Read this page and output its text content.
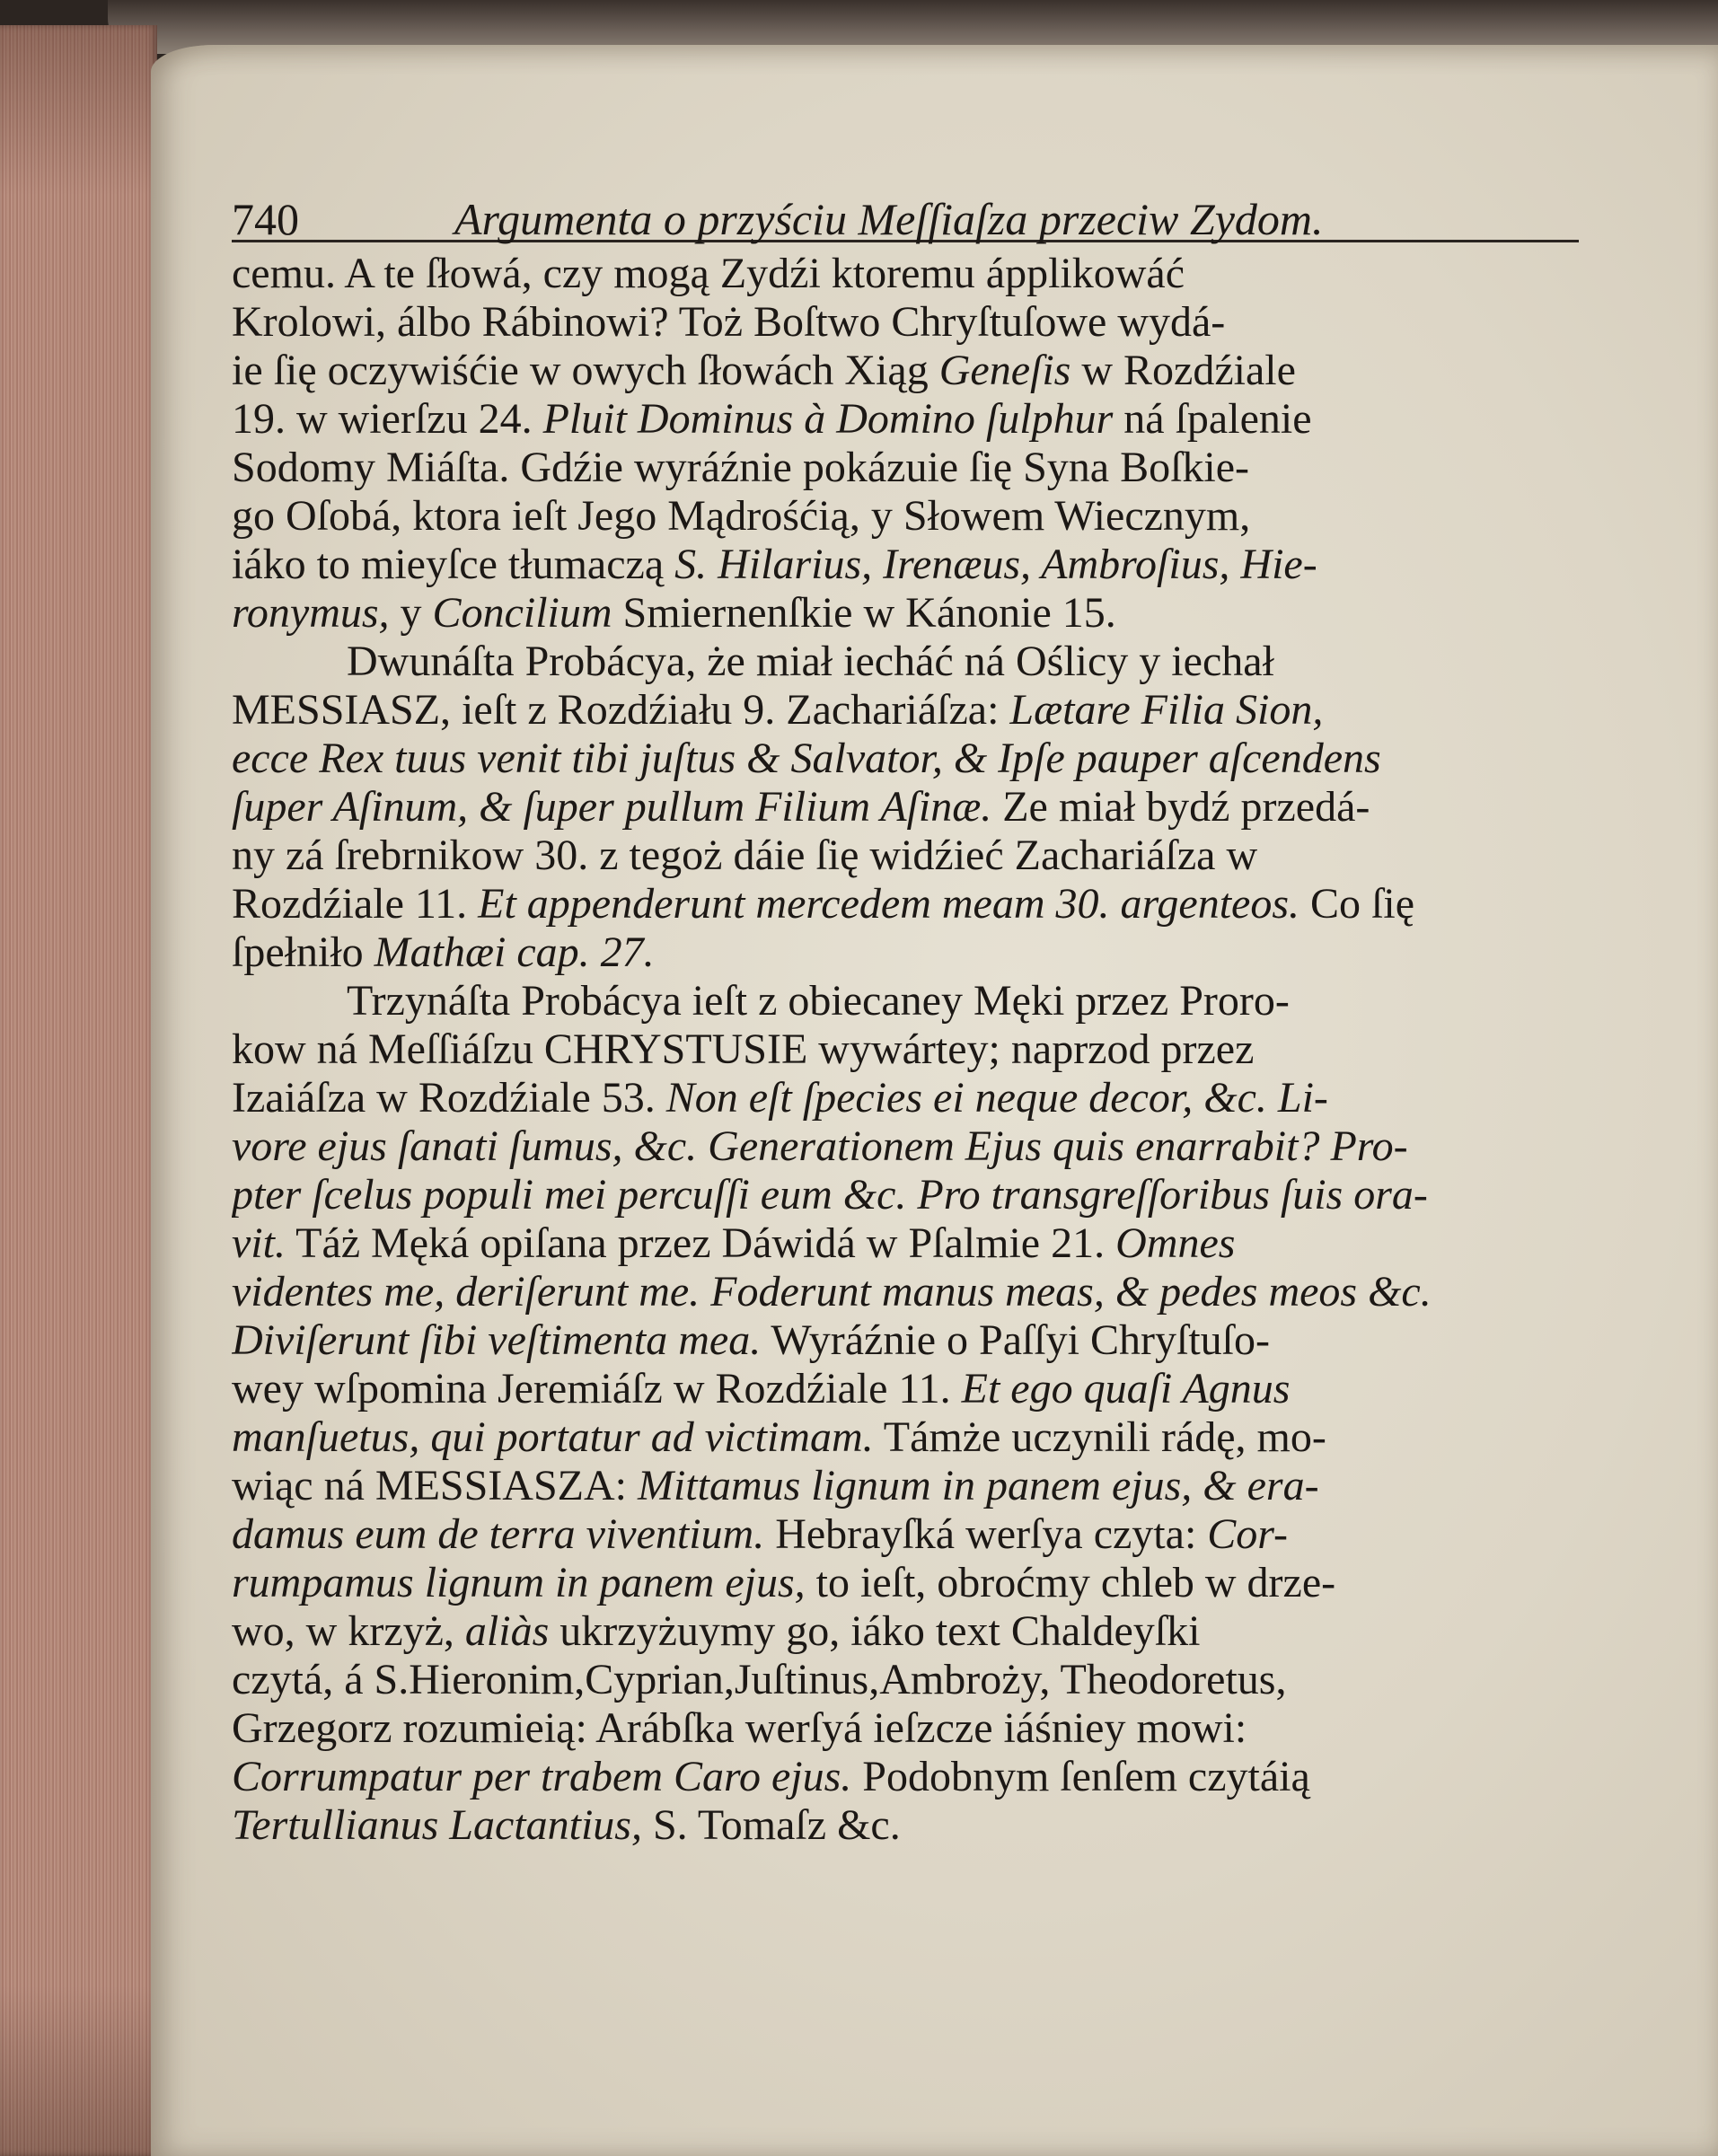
740	Argumenta o przyściu Meſſiaſza przeciw Zydom.
cemu. A te ſłowá, czy mogą Zydźi ktoremu ápplikowáć
Krolowi, álbo Rábinowi? Toż Boſtwo Chryſtuſowe wydá-
ie ſię oczywiśćie w owych ſłowách Xiąg Geneſis w Rozdźiale
19. w wierſzu 24. Pluit Dominus à Domino ſulphur ná ſpalenie
Sodomy Miáſta. Gdźie wyráźnie pokázuie ſię Syna Boſkie-
go Oſobá, ktora ieſt Jego Mądrośćią, y Słowem Wiecznym,
iáko to mieyſce tłumaczą S. Hilarius, Irenæus, Ambroſius, Hie-
ronymus, y Concilium Smiernenſkie w Kánonie 15.
Dwunáſta Probácya, że miał iecháć ná Oślicy y iechał
MESSIASZ, ieſt z Rozdźiału 9. Zachariáſza: Lætare Filia Sion,
ecce Rex tuus venit tibi juſtus & Salvator, & Ipſe pauper aſcendens
ſuper Aſinum, & ſuper pullum Filium Aſinæ. Ze miał bydź przedá-
ny zá ſrebrnikow 30. z tegoż dáie ſię widźieć Zachariáſza w
Rozdźiale 11. Et appenderunt mercedem meam 30. argenteos. Co ſię
ſpełniło Mathæi cap. 27.
Trzynáſta Probácya ieſt z obiecaney Męki przez Proro-
kow ná Meſſiáſzu CHRYSTUSIE wywártey; naprzod przez
Izaiáſza w Rozdźiale 53. Non eſt ſpecies ei neque decor, &c. Li-
vore ejus ſanati ſumus, &c. Generationem Ejus quis enarrabit? Pro-
pter ſcelus populi mei percuſſi eum &c. Pro transgreſſoribus ſuis ora-
vit. Táż Męká opiſana przez Dáwidá w Pſalmie 21. Omnes
videntes me, deriſerunt me. Foderunt manus meas, & pedes meos &c.
Diviſerunt ſibi veſtimenta mea. Wyráźnie o Paſſyi Chryſtuſo-
wey wſpomina Jeremiáſz w Rozdźiale 11. Et ego quaſi Agnus
manſuetus, qui portatur ad victimam. Támże uczynili rádę, mo-
wiąc ná MESSIASZA: Mittamus lignum in panem ejus, & era-
damus eum de terra viventium. Hebrayſká werſya czyta: Cor-
rumpamus lignum in panem ejus, to ieſt, obroćmy chleb w drze-
wo, w krzyż, aliàs ukrzyżuymy go, iáko text Chaldeyſki
czytá, á S.Hieronim,Cyprian,Juſtinus,Ambroży, Theodoretus,
Grzegorz rozumieią: Arábſka werſyá ieſzcze iáśniey mowi:
Corrumpatur per trabem Caro ejus. Podobnym ſenſem czytáią
Tertullianus Lactantius, S. Tomaſz &c.
